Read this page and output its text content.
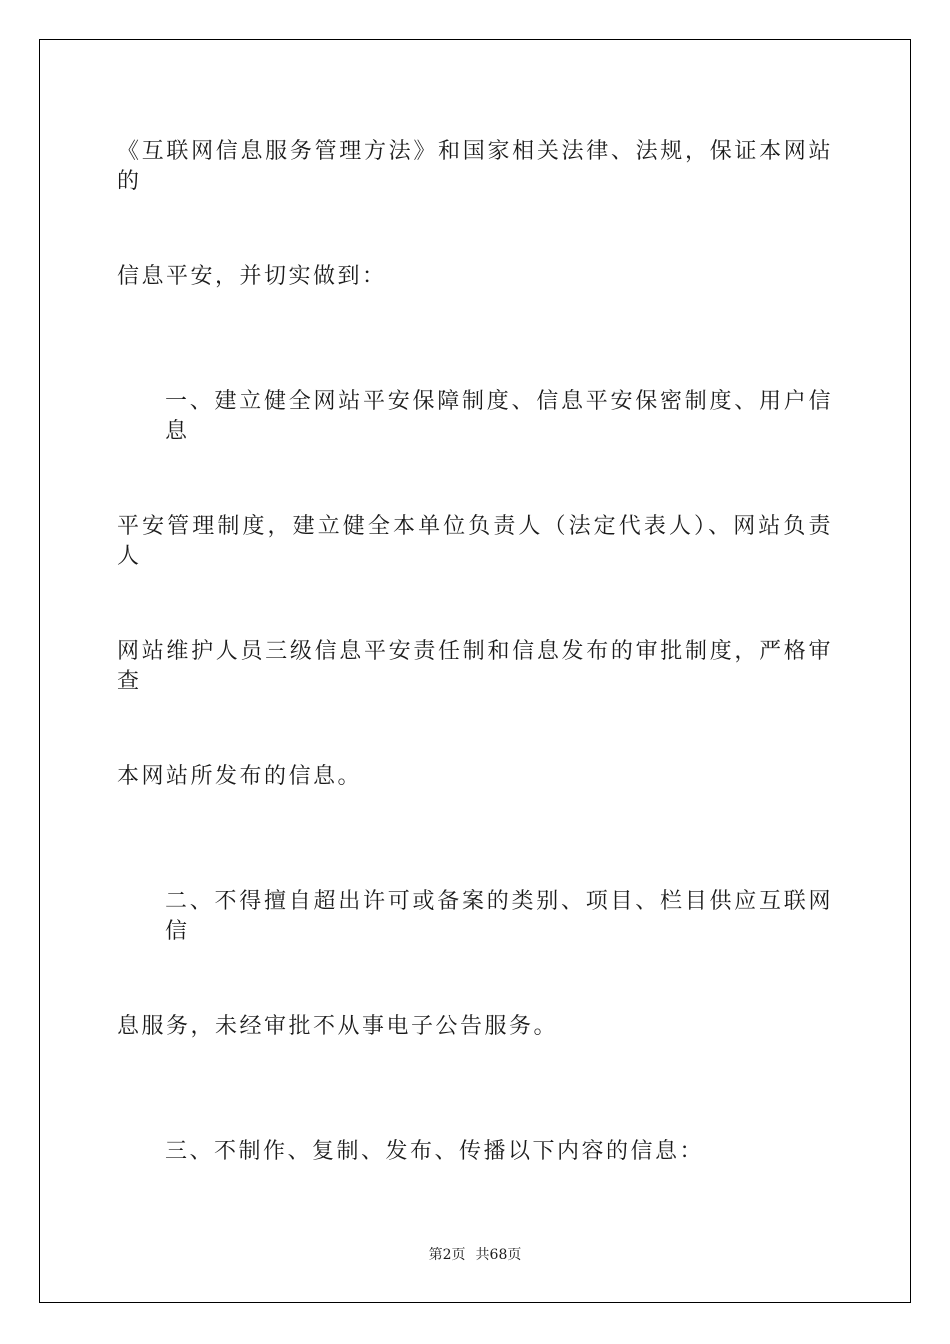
《互联网信息服务管理方法》和国家相关法律、法规，保证本网站的
信息平安，并切实做到：
一、建立健全网站平安保障制度、信息平安保密制度、用户信息
平安管理制度，建立健全本单位负责人（法定代表人）、网站负责人
网站维护人员三级信息平安责任制和信息发布的审批制度，严格审查
本网站所发布的信息。
二、不得擅自超出许可或备案的类别、项目、栏目供应互联网信
息服务，未经审批不从事电子公告服务。
三、不制作、复制、发布、传播以下内容的信息：
第2页 共68页
